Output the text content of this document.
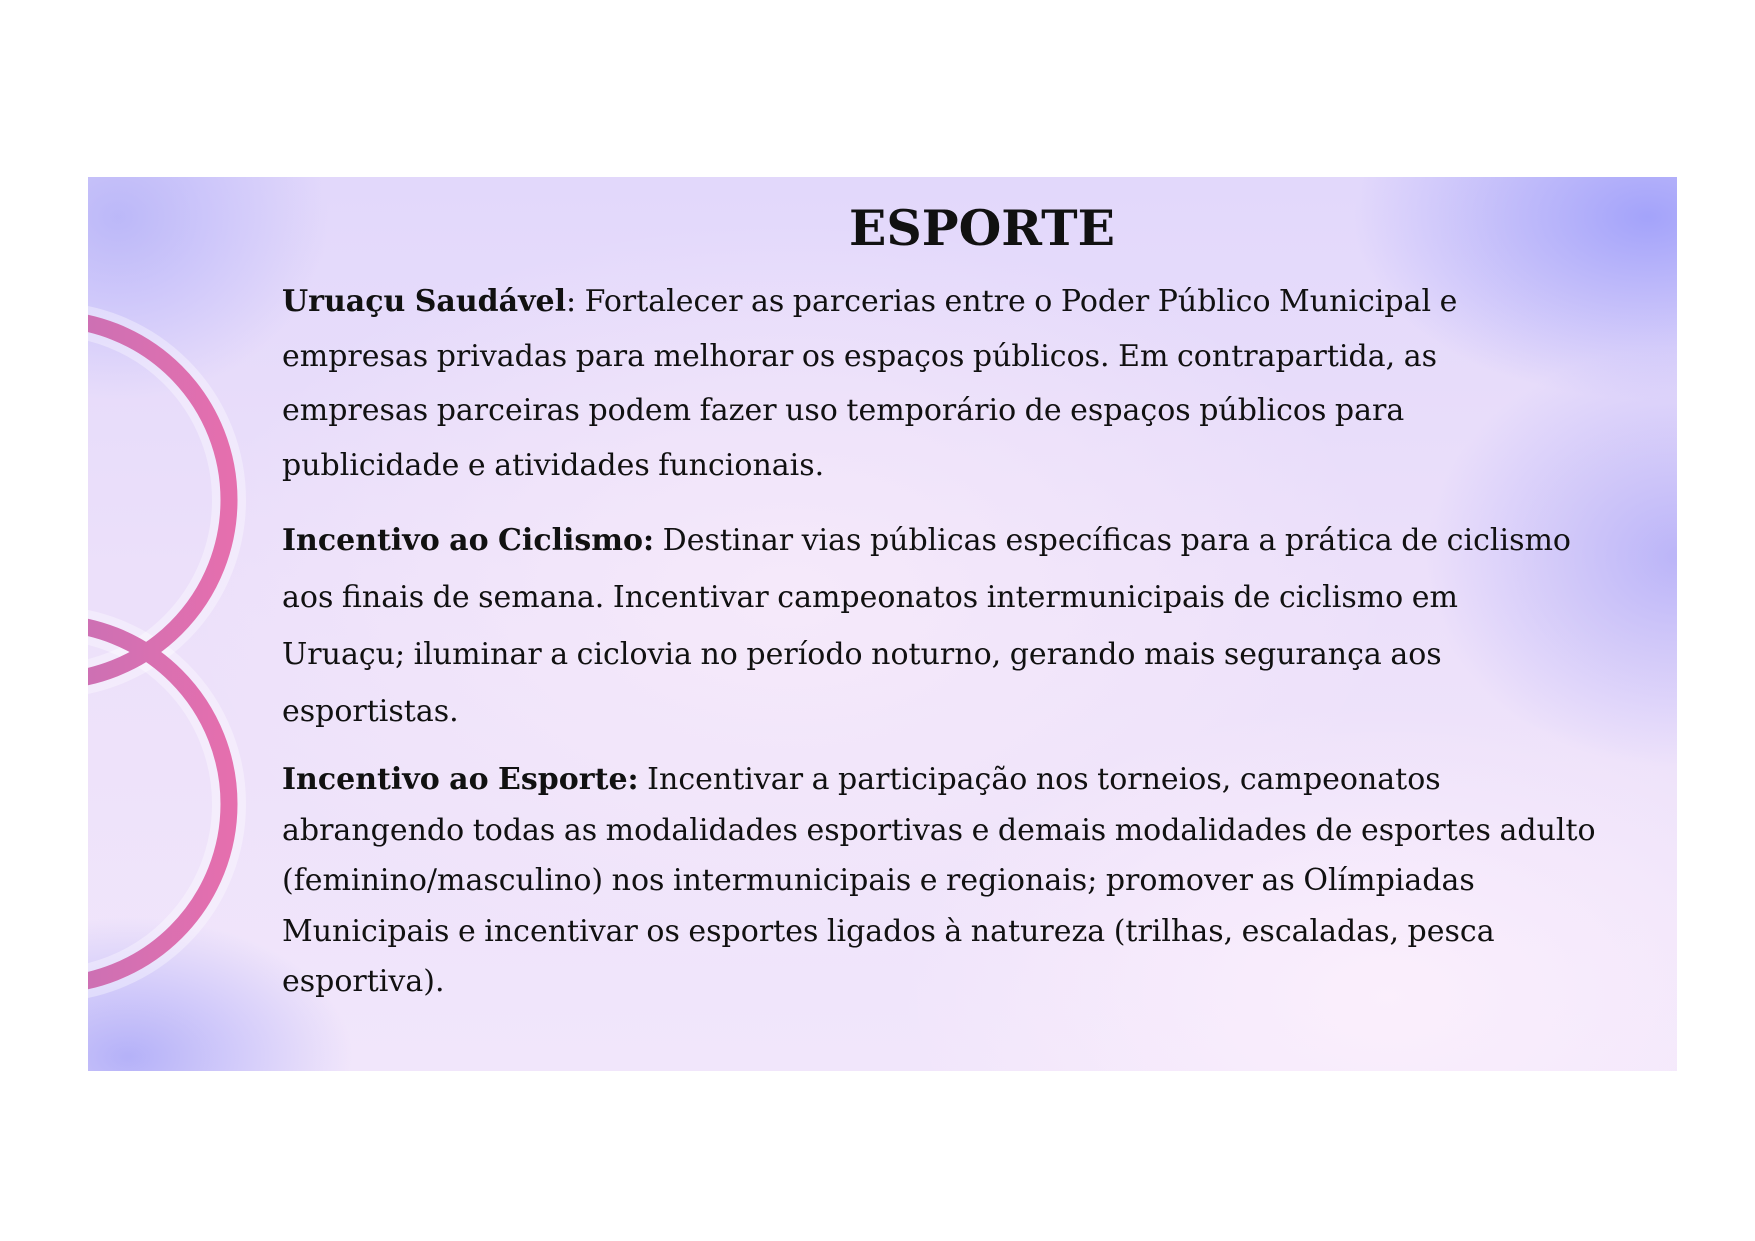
ESPORTE

Uruaçu Saudável: Fortalecer as parcerias entre o Poder Público Municipal e empresas privadas para melhorar os espaços públicos. Em contrapartida, as empresas parceiras podem fazer uso temporário de espaços públicos para publicidade e atividades funcionais.

Incentivo ao Ciclismo: Destinar vias públicas específicas para a prática de ciclismo aos finais de semana. Incentivar campeonatos intermunicipais de ciclismo em Uruaçu; iluminar a ciclovia no período noturno, gerando mais segurança aos esportistas.

Incentivo ao Esporte: Incentivar a participação nos torneios, campeonatos abrangendo todas as modalidades esportivas e demais modalidades de esportes adulto (feminino/masculino) nos intermunicipais e regionais; promover as Olímpiadas Municipais e incentivar os esportes ligados à natureza (trilhas, escaladas, pesca esportiva).
